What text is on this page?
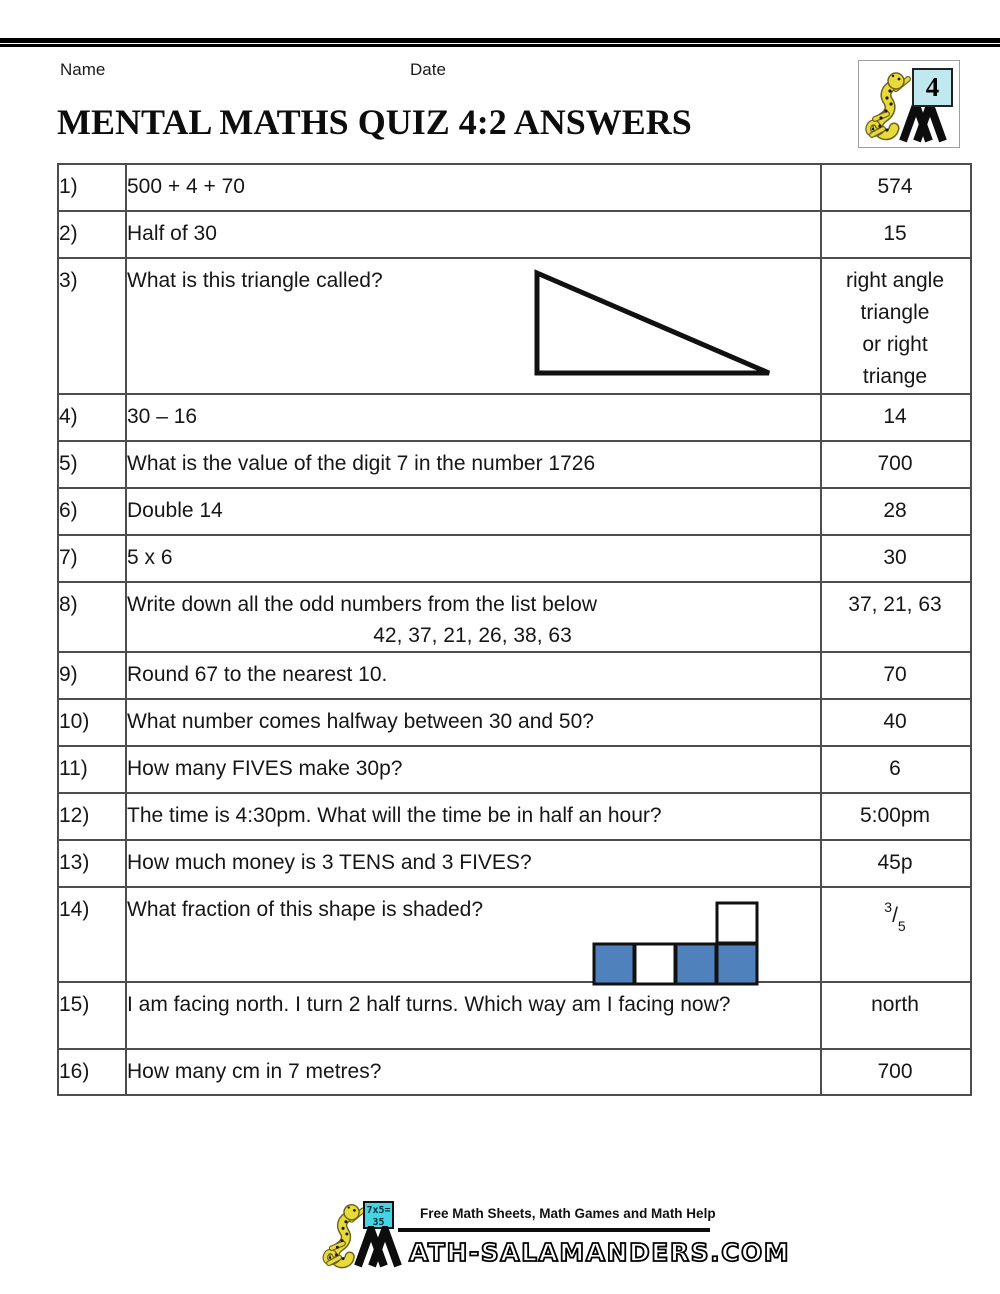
Name	Date
4
MENTAL MATHS QUIZ 4:2 ANSWERS
1)	500 + 4 + 70	574
2)	Half of 30	15
3)	What is this triangle called?	right angle
triangle
or right
triange

4)	30 – 16	14
5)	What is the value of the digit 7 in the number 1726	700
6)	Double 14	28
7)	5 x 6	30
8)	Write down all the odd numbers from the list below
42, 37, 21, 26, 38, 63	37, 21, 63
9)	Round 67 to the nearest 10.	70
10)	What number comes halfway between 30 and 50?	40
11)	How many FIVES make 30p?	6
12)	The time is 4:30pm. What will the time be in half an hour?	5:00pm
13)	How much money is 3 TENS and 3 FIVES?	45p
14)	What fraction of this shape is shaded?	$^3/_5$
15)	I am facing north. I turn 2 half turns. Which way am I facing now?	north
16)	How many cm in 7 metres?	700
Free Math Sheets, Math Games and Math Help
7x5=
35
ATH-SALAMANDERS.COM
